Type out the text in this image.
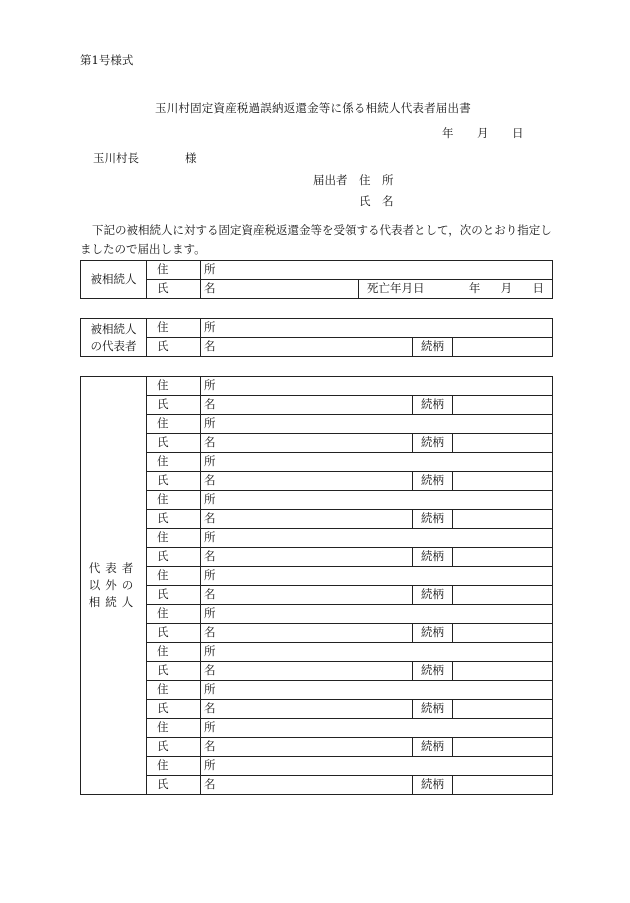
第1号様式
玉川村固定資産税過誤納返還金等に係る相続人代表者届出書
年 月 日
玉川村長	様
届出者 住　所
氏　名
下記の被相続人に対する固定資産税返還金等を受領する代表者として，次のとおり指定しましたので届出します。
被相続人	住　所		
	氏　名		死亡年月日 年 月 日
被相続人の代表者	住　所			
	氏　名		続柄	
代表者以外の相続人	住　所			
	氏　名		続柄	
	住　所			
	氏　名		続柄	
	住　所			
	氏　名		続柄	
	住　所			
	氏　名		続柄	
	住　所			
	氏　名		続柄	
	住　所			
	氏　名		続柄	
	住　所			
	氏　名		続柄	
	住　所			
	氏　名		続柄	
	住　所			
	氏　名		続柄	
	住　所			
	氏　名		続柄	
	住　所			
	氏　名		続柄	
